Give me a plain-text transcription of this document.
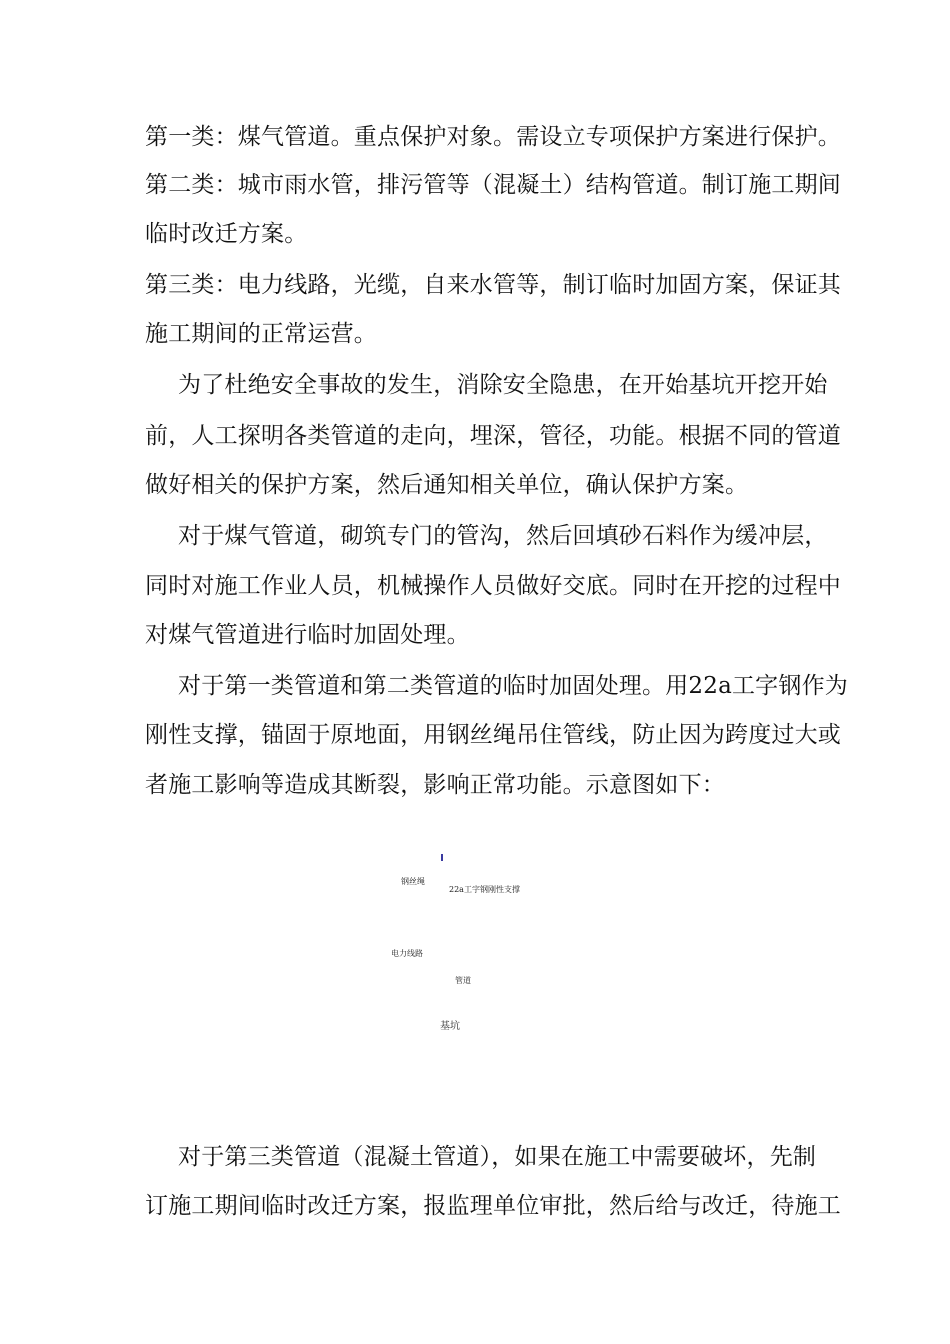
第一类：煤气管道。重点保护对象。需设立专项保护方案进行保护。
第二类：城市雨水管，排污管等（混凝土）结构管道。制订施工期间
临时改迁方案。
第三类：电力线路，光缆，自来水管等，制订临时加固方案，保证其
施工期间的正常运营。
为了杜绝安全事故的发生，消除安全隐患，在开始基坑开挖开始
前，人工探明各类管道的走向，埋深，管径，功能。根据不同的管道
做好相关的保护方案，然后通知相关单位，确认保护方案。
对于煤气管道，砌筑专门的管沟，然后回填砂石料作为缓冲层，
同时对施工作业人员，机械操作人员做好交底。同时在开挖的过程中
对煤气管道进行临时加固处理。
对于第一类管道和第二类管道的临时加固处理。用22a工字钢作为
刚性支撑，锚固于原地面，用钢丝绳吊住管线，防止因为跨度过大或
者施工影响等造成其断裂，影响正常功能。示意图如下：
钢丝绳
22a工字钢刚性支撑
电力线路
管道
基坑
对于第三类管道（混凝土管道），如果在施工中需要破坏，先制
订施工期间临时改迁方案，报监理单位审批，然后给与改迁，待施工
